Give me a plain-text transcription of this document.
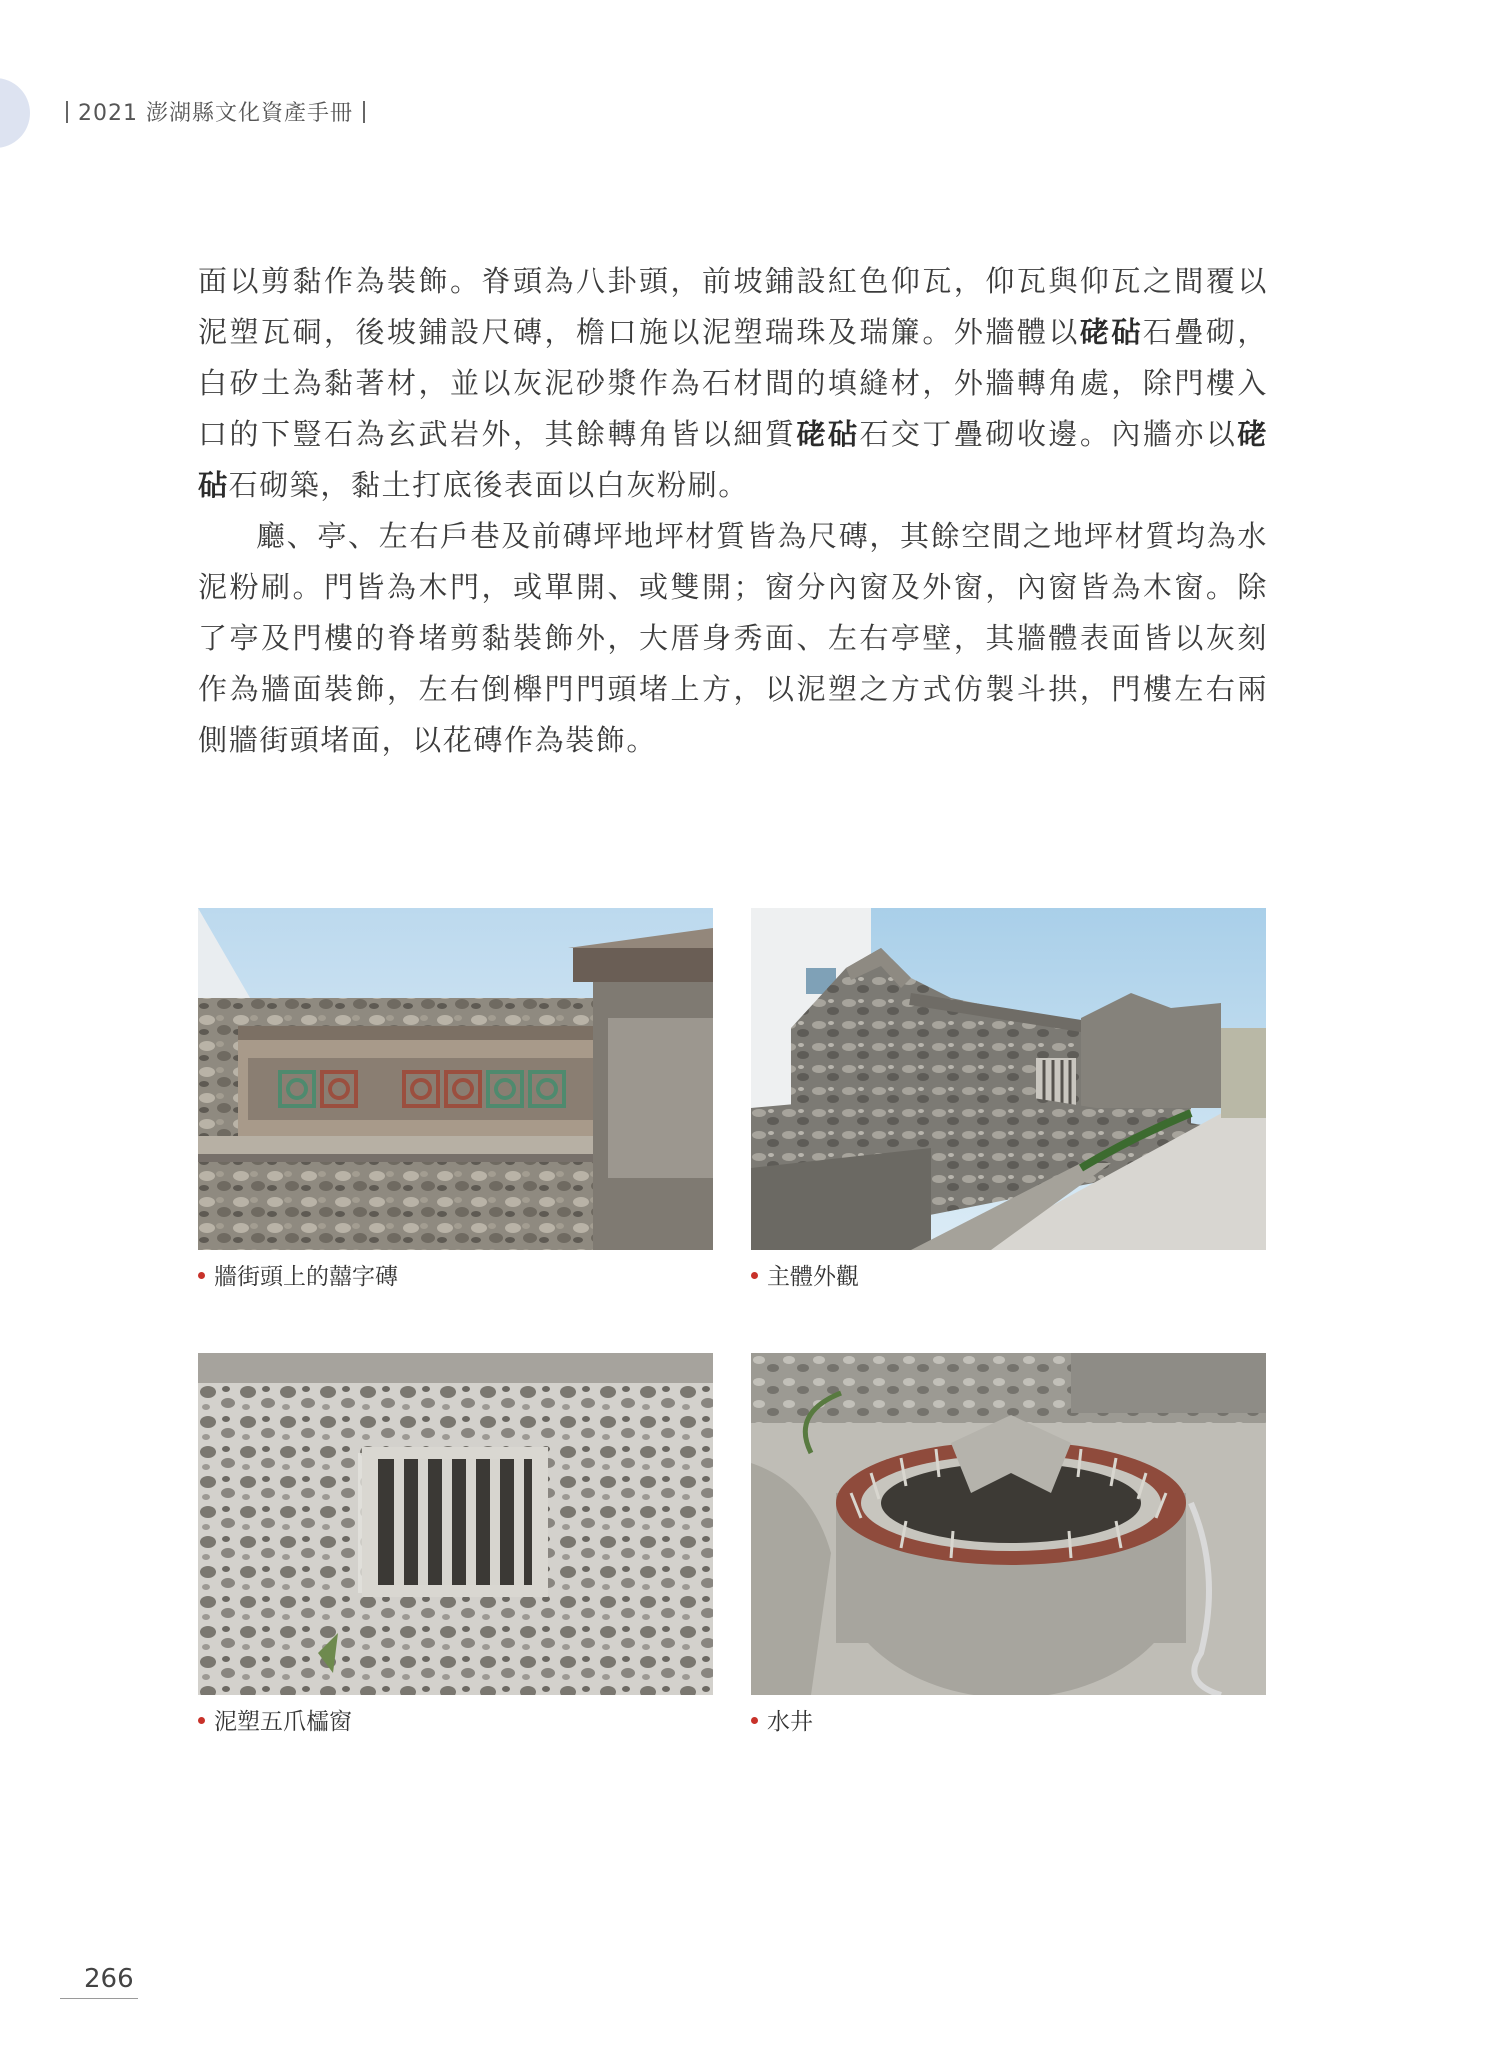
2021 澎湖縣文化資產手冊

面以剪黏作為裝飾。脊頭為八卦頭，前坡鋪設紅色仰瓦，仰瓦與仰瓦之間覆以泥塑瓦硐，後坡鋪設尺磚，檐口施以泥塑瑞珠及瑞簾。外牆體以硓砧石疊砌，白矽土為黏著材，並以灰泥砂漿作為石材間的填縫材，外牆轉角處，除門樓入口的下豎石為玄武岩外，其餘轉角皆以細質硓砧石交丁疊砌收邊。內牆亦以硓砧石砌築，黏土打底後表面以白灰粉刷。

廳、亭、左右戶巷及前磚坪地坪材質皆為尺磚，其餘空間之地坪材質均為水泥粉刷。門皆為木門，或單開、或雙開；窗分內窗及外窗，內窗皆為木窗。除了亭及門樓的脊堵剪黏裝飾外，大厝身秀面、左右亭壁，其牆體表面皆以灰刻作為牆面裝飾，左右倒櫸門門頭堵上方，以泥塑之方式仿製斗拱，門樓左右兩側牆街頭堵面，以花磚作為裝飾。

牆街頭上的囍字磚	主體外觀
泥塑五爪櫺窗	水井
266
